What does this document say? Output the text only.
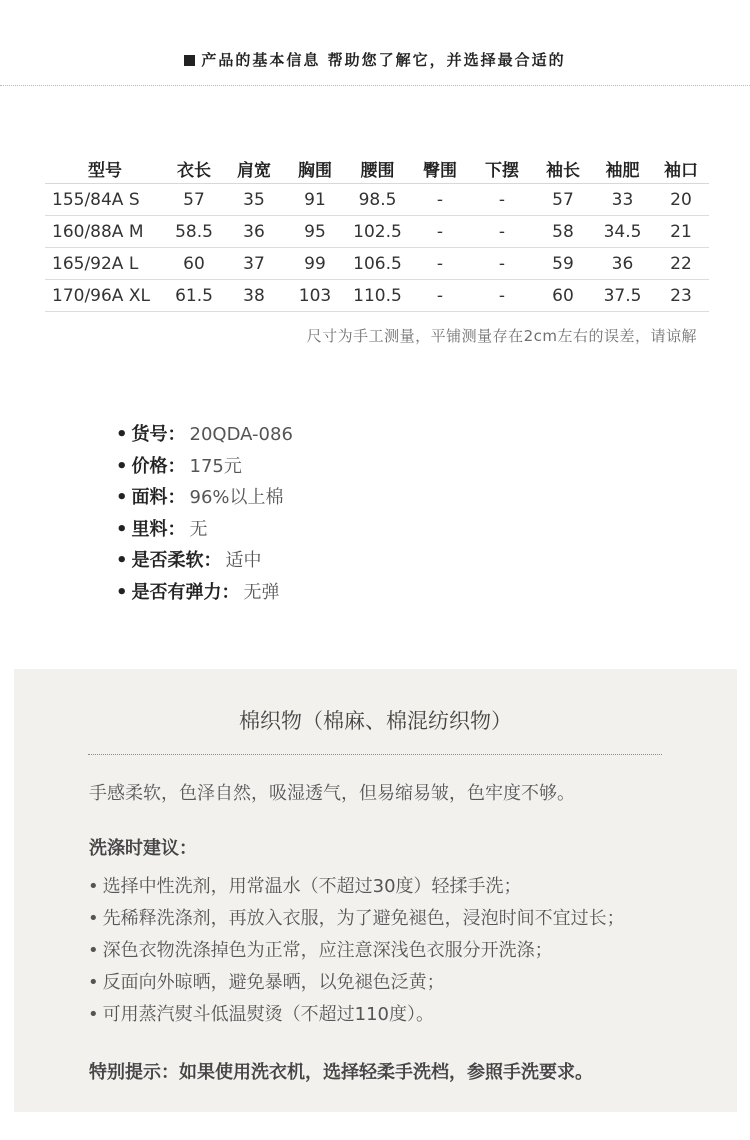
产品的基本信息 帮助您了解它，并选择最合适的
型号	衣长	肩宽	胸围	腰围	臀围	下摆	袖长	袖肥	袖口
155/84A S	57	35	91	98.5	-	-	57	33	20
160/88A M	58.5	36	95	102.5	-	-	58	34.5	21
165/92A L	60	37	99	106.5	-	-	59	36	22
170/96A XL	61.5	38	103	110.5	-	-	60	37.5	23
尺寸为手工测量，平铺测量存在2cm左右的误差，请谅解
• 货号： 20QDA-086
• 价格： 175元
• 面料： 96%以上棉
• 里料： 无
• 是否柔软： 适中
• 是否有弹力： 无弹
棉织物（棉麻、棉混纺织物）
手感柔软，色泽自然，吸湿透气，但易缩易皱，色牢度不够。
洗涤时建议：
• 选择中性洗剂，用常温水（不超过30度）轻揉手洗；
• 先稀释洗涤剂，再放入衣服，为了避免褪色，浸泡时间不宜过长；
• 深色衣物洗涤掉色为正常，应注意深浅色衣服分开洗涤；
• 反面向外晾晒，避免暴晒，以免褪色泛黄；
• 可用蒸汽熨斗低温熨烫（不超过110度）。
特别提示：如果使用洗衣机，选择轻柔手洗档，参照手洗要求。
